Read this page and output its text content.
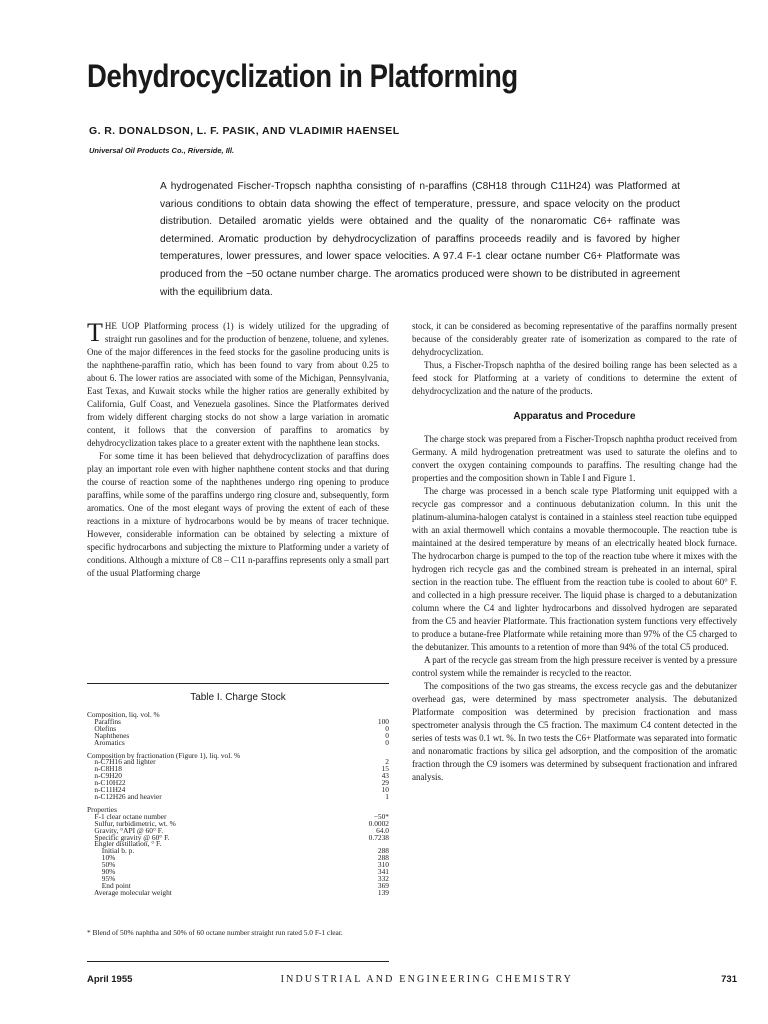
Dehydrocyclization in Platforming
G. R. DONALDSON, L. F. PASIK, AND VLADIMIR HAENSEL
Universal Oil Products Co., Riverside, Ill.

A hydrogenated Fischer-Tropsch naphtha consisting of n-paraffins (C8H18 through C11H24) was Platformed at various conditions to obtain data showing the effect of temperature, pressure, and space velocity on the product distribution. Detailed aromatic yields were obtained and the quality of the nonaromatic C6+ raffinate was determined. Aromatic production by dehydrocyclization of paraffins proceeds readily and is favored by higher temperatures, lower pressures, and lower space velocities. A 97.4 F-1 clear octane number C6+ Platformate was produced from the −50 octane number charge. The aromatics produced were shown to be distributed in agreement with the equilibrium data.

THE UOP Platforming process (1) is widely utilized for the upgrading of straight run gasolines and for the production of benzene, toluene, and xylenes. One of the major differences in the feed stocks for the gasoline producing units is the naphthene-paraffin ratio, which has been found to vary from about 0.25 to about 6. The lower ratios are associated with some of the Michigan, Pennsylvania, East Texas, and Kuwait stocks while the higher ratios are generally exhibited by California, Gulf Coast, and Venezuela gasolines. Since the Platformates derived from widely different charging stocks do not show a large variation in aromatic content, it follows that the conversion of paraffins to aromatics by dehydrocyclization takes place to a greater extent with the naphthene lean stocks.

For some time it has been believed that dehydrocyclization of paraffins does play an important role even with higher naphthene content stocks and that during the course of reaction some of the naphthenes undergo ring opening to produce paraffins, while some of the paraffins undergo ring closure and, subsequently, form aromatics. One of the most elegant ways of proving the extent of each of these reactions in a mixture of hydrocarbons would be by means of tracer technique. However, considerable information can be obtained by selecting a mixture of specific hydrocarbons and subjecting the mixture to Platforming under a variety of conditions. Although a mixture of C8 – C11 n-paraffins represents only a small part of the usual Platforming charge

Table I. Charge Stock
Composition, liq. vol. %
Paraffins	100
Olefins	0
Naphthenes	0
Aromatics	0
Composition by fractionation (Figure 1), liq. vol. %
n-C7H16 and lighter	2
n-C8H18	15
n-C9H20	43
n-C10H22	29
n-C11H24	10
n-C12H26 and heavier	1
Properties
F-1 clear octane number	−50*
Sulfur, turbidimetric, wt. %	0.0002
Gravity, °API @ 60° F.	64.0
Specific gravity @ 60° F.	0.7238
Engler distillation, ° F.
Initial b. p.	288
10%	288
50%	310
90%	341
95%	332
End point	369
Average molecular weight	139
* Blend of 50% naphtha and 50% of 60 octane number straight run rated 5.0 F-1 clear.

stock, it can be considered as becoming representative of the paraffins normally present because of the considerably greater rate of isomerization as compared to the rate of dehydrocyclization.

Thus, a Fischer-Tropsch naphtha of the desired boiling range has been selected as a feed stock for Platforming at a variety of conditions to determine the extent of dehydrocyclization and the nature of the products.

Apparatus and Procedure

The charge stock was prepared from a Fischer-Tropsch naphtha product received from Germany. A mild hydrogenation pretreatment was used to saturate the olefins and to convert the oxygen containing compounds to paraffins. The resulting change had the properties and the composition shown in Table I and Figure 1.

The charge was processed in a bench scale type Platforming unit equipped with a recycle gas compressor and a continuous debutanization column. In this unit the platinum-alumina-halogen catalyst is contained in a stainless steel reaction tube equipped with an axial thermowell which contains a movable thermocouple. The reaction tube is maintained at the desired temperature by means of an electrically heated block furnace. The hydrocarbon charge is pumped to the top of the reaction tube where it mixes with the hydrogen rich recycle gas and the combined stream is preheated in an internal, spiral section in the reaction tube. The effluent from the reaction tube is cooled to about 60° F. and collected in a high pressure receiver. The liquid phase is charged to a debutanization column where the C4 and lighter hydrocarbons and dissolved hydrogen are separated from the C5 and heavier Platformate. This fractionation system functions very effectively to produce a butane-free Platformate while retaining more than 97% of the C5 charged to the debutanizer. This amounts to a retention of more than 94% of the total C5 produced.

A part of the recycle gas stream from the high pressure receiver is vented by a pressure control system while the remainder is recycled to the reactor.

The compositions of the two gas streams, the excess recycle gas and the debutanizer overhead gas, were determined by mass spectrometer analysis. The debutanized Platformate composition was determined by precision fractionation and mass spectrometer analysis through the C5 fraction. The maximum C4 content detected in the series of tests was 0.1 wt. %. In two tests the C6+ Platformate was separated into formatic and nonaromatic fractions by silica gel adsorption, and the composition of the aromatic fraction through the C9 isomers was determined by subsequent fractionation and infrared analysis.

April 1955	INDUSTRIAL AND ENGINEERING CHEMISTRY	731
